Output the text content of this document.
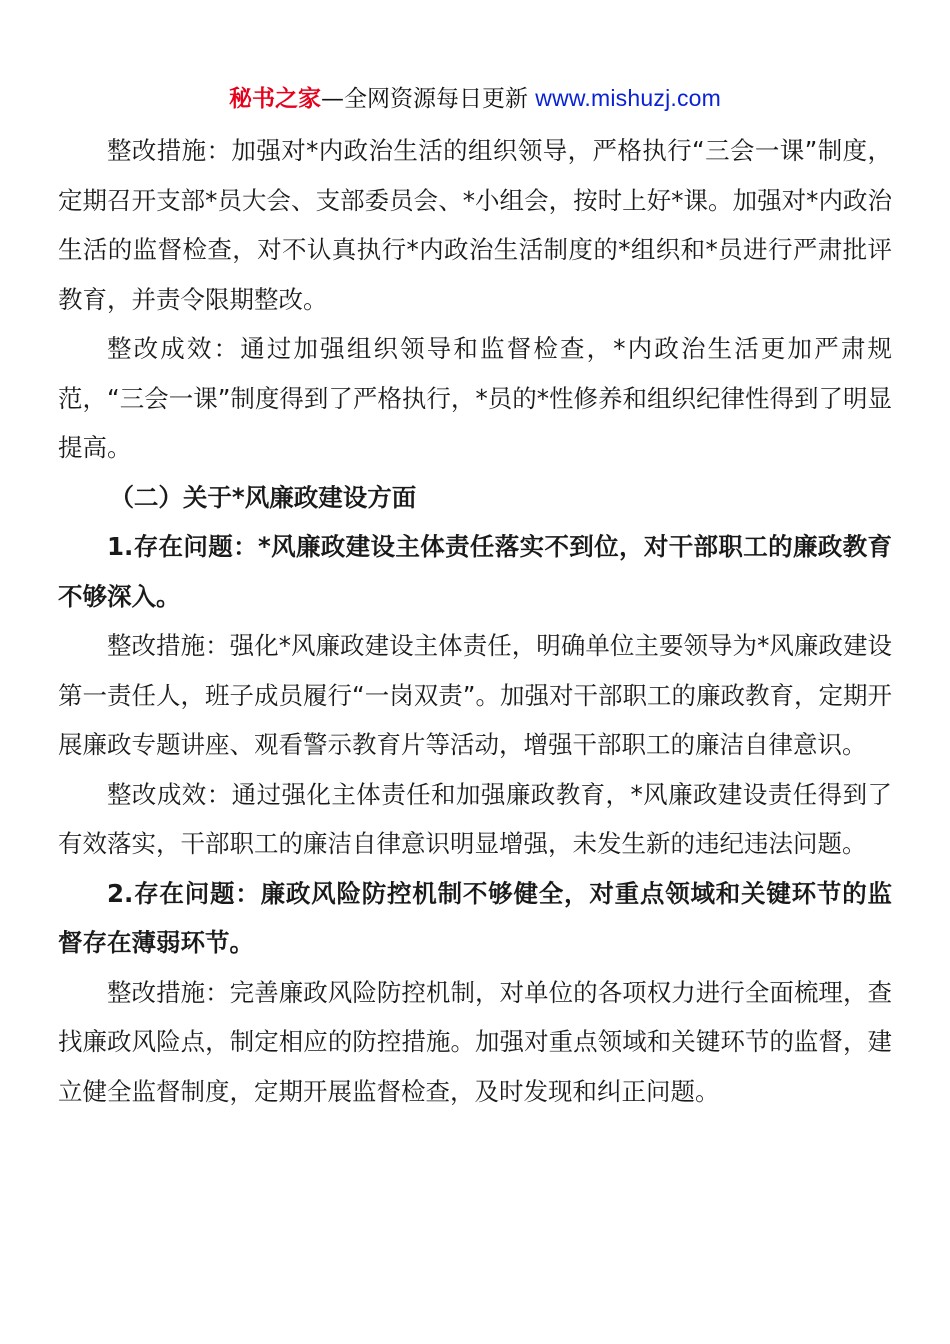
秘书之家—全网资源每日更新 www.mishuzj.com

整改措施：加强对*内政治生活的组织领导，严格执行“三会一课”制度，定期召开支部*员大会、支部委员会、*小组会，按时上好*课。加强对*内政治生活的监督检查，对不认真执行*内政治生活制度的*组织和*员进行严肃批评教育，并责令限期整改。

整改成效：通过加强组织领导和监督检查，*内政治生活更加严肃规范，“三会一课”制度得到了严格执行，*员的*性修养和组织纪律性得到了明显提高。

（二）关于*风廉政建设方面

1.存在问题：*风廉政建设主体责任落实不到位，对干部职工的廉政教育不够深入。

整改措施：强化*风廉政建设主体责任，明确单位主要领导为*风廉政建设第一责任人，班子成员履行“一岗双责”。加强对干部职工的廉政教育，定期开展廉政专题讲座、观看警示教育片等活动，增强干部职工的廉洁自律意识。

整改成效：通过强化主体责任和加强廉政教育，*风廉政建设责任得到了有效落实，干部职工的廉洁自律意识明显增强，未发生新的违纪违法问题。

2.存在问题：廉政风险防控机制不够健全，对重点领域和关键环节的监督存在薄弱环节。

整改措施：完善廉政风险防控机制，对单位的各项权力进行全面梳理，查找廉政风险点，制定相应的防控措施。加强对重点领域和关键环节的监督，建立健全监督制度，定期开展监督检查，及时发现和纠正问题。
